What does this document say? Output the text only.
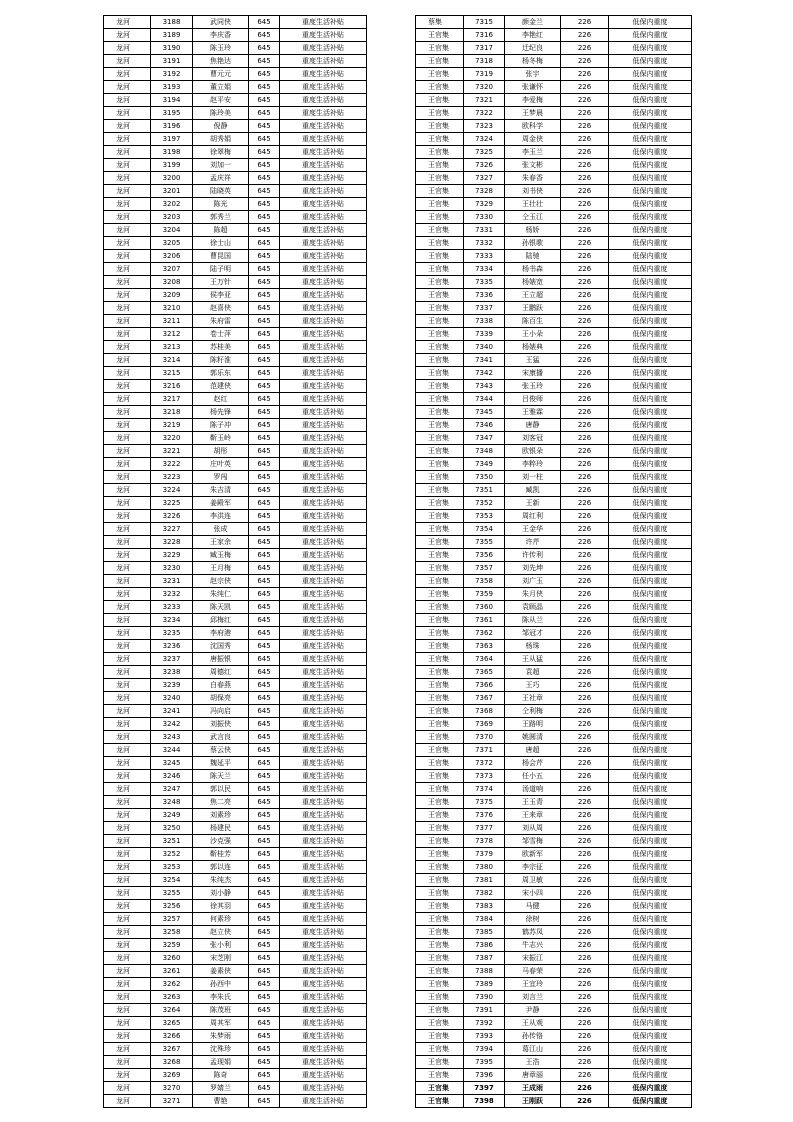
龙河	3188	武同侠	645	重度生活补贴
龙河	3189	李庆香	645	重度生活补贴
龙河	3190	陈玉玲	645	重度生活补贴
龙河	3191	焦艳达	645	重度生活补贴
龙河	3192	曹元元	645	重度生活补贴
龙河	3193	董立娟	645	重度生活补贴
龙河	3194	赵平安	645	重度生活补贴
龙河	3195	陈玲美	645	重度生活补贴
龙河	3196	倪静	645	重度生活补贴
龙河	3197	胡秀娟	645	重度生活补贴
龙河	3198	徐翠梅	645	重度生活补贴
龙河	3199	刘加一	645	重度生活补贴
龙河	3200	孟庆祥	645	重度生活补贴
龙河	3201	陆晓英	645	重度生活补贴
龙河	3202	陈光	645	重度生活补贴
龙河	3203	郭秀兰	645	重度生活补贴
龙河	3204	陈超	645	重度生活补贴
龙河	3205	徐士山	645	重度生活补贴
龙河	3206	曹昆国	645	重度生活补贴
龙河	3207	陆子明	645	重度生活补贴
龙河	3208	王万针	645	重度生活补贴
龙河	3209	侯李亚	645	重度生活补贴
龙河	3210	赵喜侠	645	重度生活补贴
龙河	3211	朱府雷	645	重度生活补贴
龙河	3212	卷士萍	645	重度生活补贴
龙河	3213	苏桂美	645	重度生活补贴
龙河	3214	陈籽淮	645	重度生活补贴
龙河	3215	郭乐东	645	重度生活补贴
龙河	3216	范建侠	645	重度生活补贴
龙河	3217	赵红	645	重度生活补贴
龙河	3218	杨先锋	645	重度生活补贴
龙河	3219	陈子冲	645	重度生活补贴
龙河	3220	靳玉岭	645	重度生活补贴
龙河	3221	胡彤	645	重度生活补贴
龙河	3222	庄叶英	645	重度生活补贴
龙河	3223	罗闯	645	重度生活补贴
龙河	3224	朱吉清	645	重度生活补贴
龙河	3225	姜殿军	645	重度生活补贴
龙河	3226	李洪连	645	重度生活补贴
龙河	3227	张成	645	重度生活补贴
龙河	3228	王家余	645	重度生活补贴
龙河	3229	臧玉梅	645	重度生活补贴
龙河	3230	王月梅	645	重度生活补贴
龙河	3231	赵宗侠	645	重度生活补贴
龙河	3232	朱纯仁	645	重度生活补贴
龙河	3233	陈天凯	645	重度生活补贴
龙河	3234	邱梅红	645	重度生活补贴
龙河	3235	李府港	645	重度生活补贴
龙河	3236	沈国秀	645	重度生活补贴
龙河	3237	唐振银	645	重度生活补贴
龙河	3238	周德红	645	重度生活补贴
龙河	3239	白春燕	645	重度生活补贴
龙河	3240	胡保亮	645	重度生活补贴
龙河	3241	冯向启	645	重度生活补贴
龙河	3242	刘振侠	645	重度生活补贴
龙河	3243	武言良	645	重度生活补贴
龙河	3244	蔡云侠	645	重度生活补贴
龙河	3245	魏延平	645	重度生活补贴
龙河	3246	陈天兰	645	重度生活补贴
龙河	3247	郭以民	645	重度生活补贴
龙河	3248	焦二亮	645	重度生活补贴
龙河	3249	刘素珍	645	重度生活补贴
龙河	3250	杨建民	645	重度生活补贴
龙河	3251	沙克强	645	重度生活补贴
龙河	3252	靳桂芳	645	重度生活补贴
龙河	3253	郭以连	645	重度生活补贴
龙河	3254	朱纯杰	645	重度生活补贴
龙河	3255	刘小静	645	重度生活补贴
龙河	3256	徐其羽	645	重度生活补贴
龙河	3257	何素珍	645	重度生活补贴
龙河	3258	赵立侠	645	重度生活补贴
龙河	3259	张小利	645	重度生活补贴
龙河	3260	宋芝刚	645	重度生活补贴
龙河	3261	姜素侠	645	重度生活补贴
龙河	3262	孙西中	645	重度生活补贴
龙河	3263	李朱氏	645	重度生活补贴
龙河	3264	陈茂班	645	重度生活补贴
龙河	3265	周其军	645	重度生活补贴
龙河	3266	朱梦雨	645	重度生活补贴
龙河	3267	沈殊珍	645	重度生活补贴
龙河	3268	孟现娟	645	重度生活补贴
龙河	3269	陈奇	645	重度生活补贴
龙河	3270	罗婧兰	645	重度生活补贴
龙河	3271	曹艳	645	重度生活补贴
蔡集	7315	颜金兰	226	低保内重度
王官集	7316	李艳红	226	低保内重度
王官集	7317	迁纪良	226	低保内重度
王官集	7318	杨冬梅	226	低保内重度
王官集	7319	张宇	226	低保内重度
王官集	7320	张谦怀	226	低保内重度
王官集	7321	李爱梅	226	低保内重度
王官集	7322	王梦晨	226	低保内重度
王官集	7323	欧科学	226	低保内重度
王官集	7324	周金侠	226	低保内重度
王官集	7325	李玉兰	226	低保内重度
王官集	7326	张文彬	226	低保内重度
王官集	7327	朱春香	226	低保内重度
王官集	7328	刘书侠	226	低保内重度
王官集	7329	王壮壮	226	低保内重度
王官集	7330	仝玉江	226	低保内重度
王官集	7331	杨娇	226	低保内重度
王官集	7332	孙银歌	226	低保内重度
王官集	7333	陆驰	226	低保内重度
王官集	7334	杨书森	226	低保内重度
王官集	7335	杨婊宽	226	低保内重度
王官集	7336	王立超	226	低保内重度
王官集	7337	王鹏跃	226	低保内重度
王官集	7338	陈百生	226	低保内重度
王官集	7339	王小朵	226	低保内重度
王官集	7340	杨婊典	226	低保内重度
王官集	7341	王猛	226	低保内重度
王官集	7342	宋康播	226	低保内重度
王官集	7343	张玉玲	226	低保内重度
王官集	7344	吕俊师	226	低保内重度
王官集	7345	王雅霖	226	低保内重度
王官集	7346	唐静	226	低保内重度
王官集	7347	刘客冠	226	低保内重度
王官集	7348	欧银朵	226	低保内重度
王官集	7349	李粹玲	226	低保内重度
王官集	7350	刘一柱	226	低保内重度
王官集	7351	臧凯	226	低保内重度
王官集	7352	王新	226	低保内重度
王官集	7353	周红利	226	低保内重度
王官集	7354	王金华	226	低保内重度
王官集	7355	许芹	226	低保内重度
王官集	7356	许传利	226	低保内重度
王官集	7357	刘先坤	226	低保内重度
王官集	7358	刘广玉	226	低保内重度
王官集	7359	朱月侠	226	低保内重度
王官集	7360	袁顾晶	226	低保内重度
王官集	7361	陈从兰	226	低保内重度
王官集	7362	邹冠才	226	低保内重度
王官集	7363	杨珠	226	低保内重度
王官集	7364	王从猛	226	低保内重度
王官集	7365	袁超	226	低保内重度
王官集	7366	王巧	226	低保内重度
王官集	7367	王社章	226	低保内重度
王官集	7368	仝利梅	226	低保内重度
王官集	7369	王路明	226	低保内重度
王官集	7370	姚圆清	226	低保内重度
王官集	7371	唐超	226	低保内重度
王官集	7372	杨会芹	226	低保内重度
王官集	7373	任小五	226	低保内重度
王官集	7374	汤道响	226	低保内重度
王官集	7375	王玉青	226	低保内重度
王官集	7376	王来章	226	低保内重度
王官集	7377	刘从周	226	低保内重度
王官集	7378	邹雪梅	226	低保内重度
王官集	7379	欧新军	226	低保内重度
王官集	7380	李宗征	226	低保内重度
王官集	7381	周卫敏	226	低保内重度
王官集	7382	宋小四	226	低保内重度
王官集	7383	马健	226	低保内重度
王官集	7384	徐树	226	低保内重度
王官集	7385	鹤苏凤	226	低保内重度
王官集	7386	牛志兴	226	低保内重度
王官集	7387	宋振江	226	低保内重度
王官集	7388	马春荣	226	低保内重度
王官集	7389	王宜玲	226	低保内重度
王官集	7390	刘言兰	226	低保内重度
王官集	7391	尹静	226	低保内重度
王官集	7392	王从观	226	低保内重度
王官集	7393	孙传铬	226	低保内重度
王官集	7394	葛江山	226	低保内重度
王官集	7395	王浩	226	低保内重度
王官集	7396	唐章丽	226	低保内重度
王官集	7397	王成雨	226	低保内重度
王官集	7398	王刚跃	226	低保内重度
